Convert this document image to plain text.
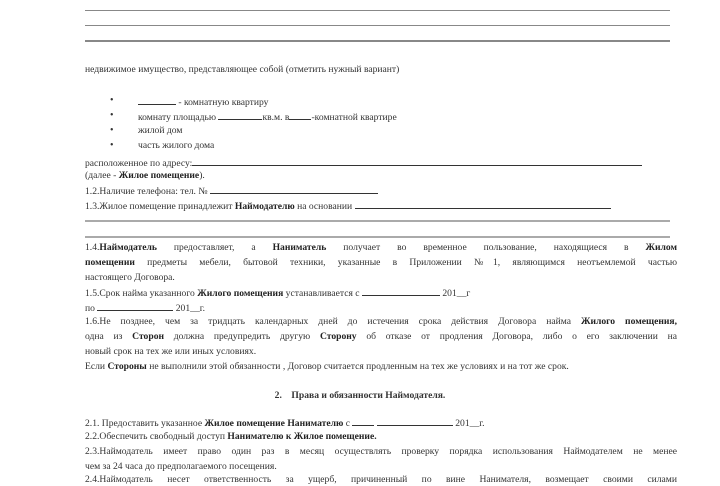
недвижимое имущество, представляющее собой (отметить нужный вариант)
•	- комнатную квартиру
•	комнату площадью	кв.м. в -комнатной квартире
•	жилой дом
•	часть жилого дома
расположенное по адресу:
(далее - Жилое помещение).
1.2.Наличие телефона: тел. №
1.3.Жилое помещение принадлежит Наймодателю на основании
1.4.Наймодатель предоставляет, а Наниматель получает во временное пользование, находящиеся в Жилом
помещении предметы мебели, бытовой техники, указанные в Приложении №1, являющимся неотъемлемой частью
настоящего Договора.
1.5.Срок найма указанного Жилого помещения устанавливается с	201__г
по	201__г.
1.6.Не позднее, чем за тридцать календарных дней до истечения срока действия Договора найма Жилого помещения,
одна из Сторон должна предупредить другую Сторону об отказе от продления Договора, либо о его заключении на
новый срок на тех же или иных условиях.
Если Стороны не выполнили этой обязанности , Договор считается продленным на тех же условиях и на тот же срок.
2.    Права и обязанности Наймодателя.
2.1. Предоставить указанное Жилое помещение Нанимателю с	201__г.
2.2.Обеспечить свободный доступ Нанимателю к Жилое помещение.
2.3.Наймодатель имеет право один раз в месяц осуществлять проверку порядка использования Наймодателем не менее
чем за 24 часа до предполагаемого посещения.
2.4.Наймодатель несет ответственность за ущерб, причиненный по вине Нанимателя, возмещает своими силами
